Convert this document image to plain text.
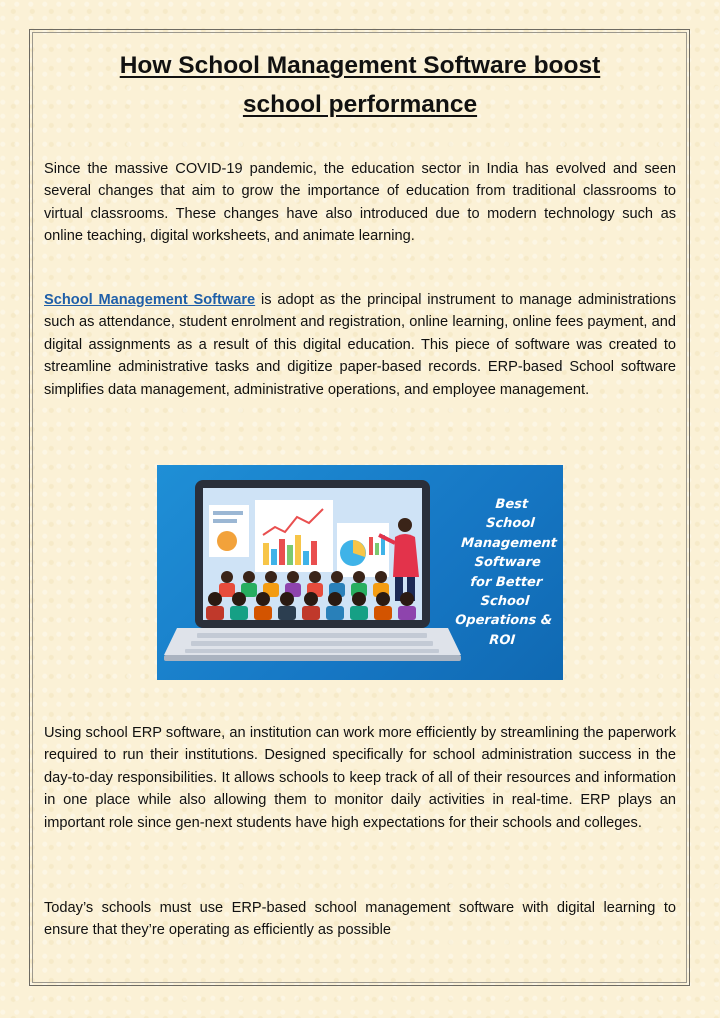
How School Management Software boost
school performance

Since the massive COVID-19 pandemic, the education sector in India has evolved and seen several changes that aim to grow the importance of education from traditional classrooms to virtual classrooms. These changes have also introduced due to modern technology such as online teaching, digital worksheets, and animate learning.

School Management Software is adopt as the principal instrument to manage administrations such as attendance, student enrolment and registration, online learning, online fees payment, and digital assignments as a result of this digital education. This piece of software was created to streamline administrative tasks and digitize paper-based records. ERP-based School software simplifies data management, administrative operations, and employee management.

Best
School
Management
Software
for Better
School
Operations &
ROI

Using school ERP software, an institution can work more efficiently by streamlining the paperwork required to run their institutions. Designed specifically for school administration success in the day-to-day responsibilities. It allows schools to keep track of all of their resources and information in one place while also allowing them to monitor daily activities in real-time. ERP plays an important role since gen-next students have high expectations for their schools and colleges.

Today’s schools must use ERP-based school management software with digital learning to ensure that they’re operating as efficiently as possible
